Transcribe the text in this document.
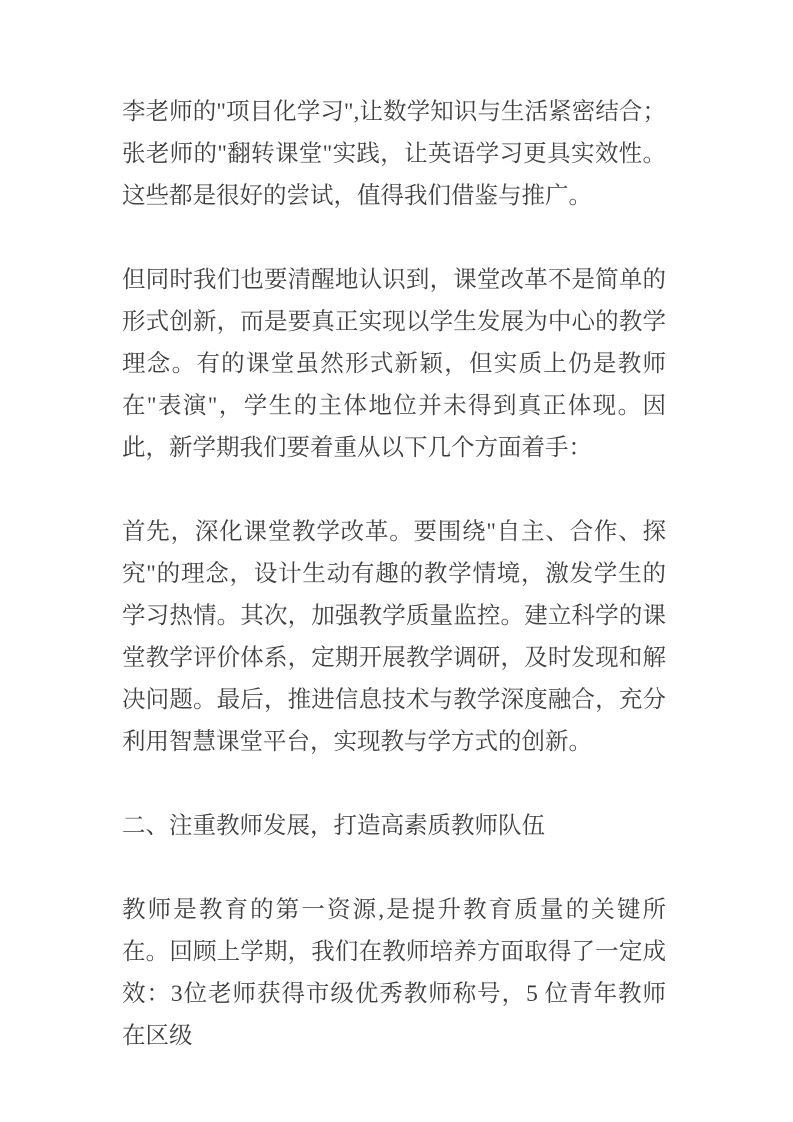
李老师的"项目化学习",让数学知识与生活紧密结合；张老师的"翻转课堂"实践，让英语学习更具实效性。这些都是很好的尝试，值得我们借鉴与推广。

但同时我们也要清醒地认识到，课堂改革不是简单的形式创新，而是要真正实现以学生发展为中心的教学理念。有的课堂虽然形式新颖，但实质上仍是教师在"表演"，学生的主体地位并未得到真正体现。因此，新学期我们要着重从以下几个方面着手：

首先，深化课堂教学改革。要围绕"自主、合作、探究"的理念，设计生动有趣的教学情境，激发学生的学习热情。其次，加强教学质量监控。建立科学的课堂教学评价体系，定期开展教学调研，及时发现和解决问题。最后，推进信息技术与教学深度融合，充分利用智慧课堂平台，实现教与学方式的创新。

二、注重教师发展，打造高素质教师队伍

教师是教育的第一资源,是提升教育质量的关键所在。回顾上学期，我们在教师培养方面取得了一定成效：3位老师获得市级优秀教师称号，5 位青年教师在区级
